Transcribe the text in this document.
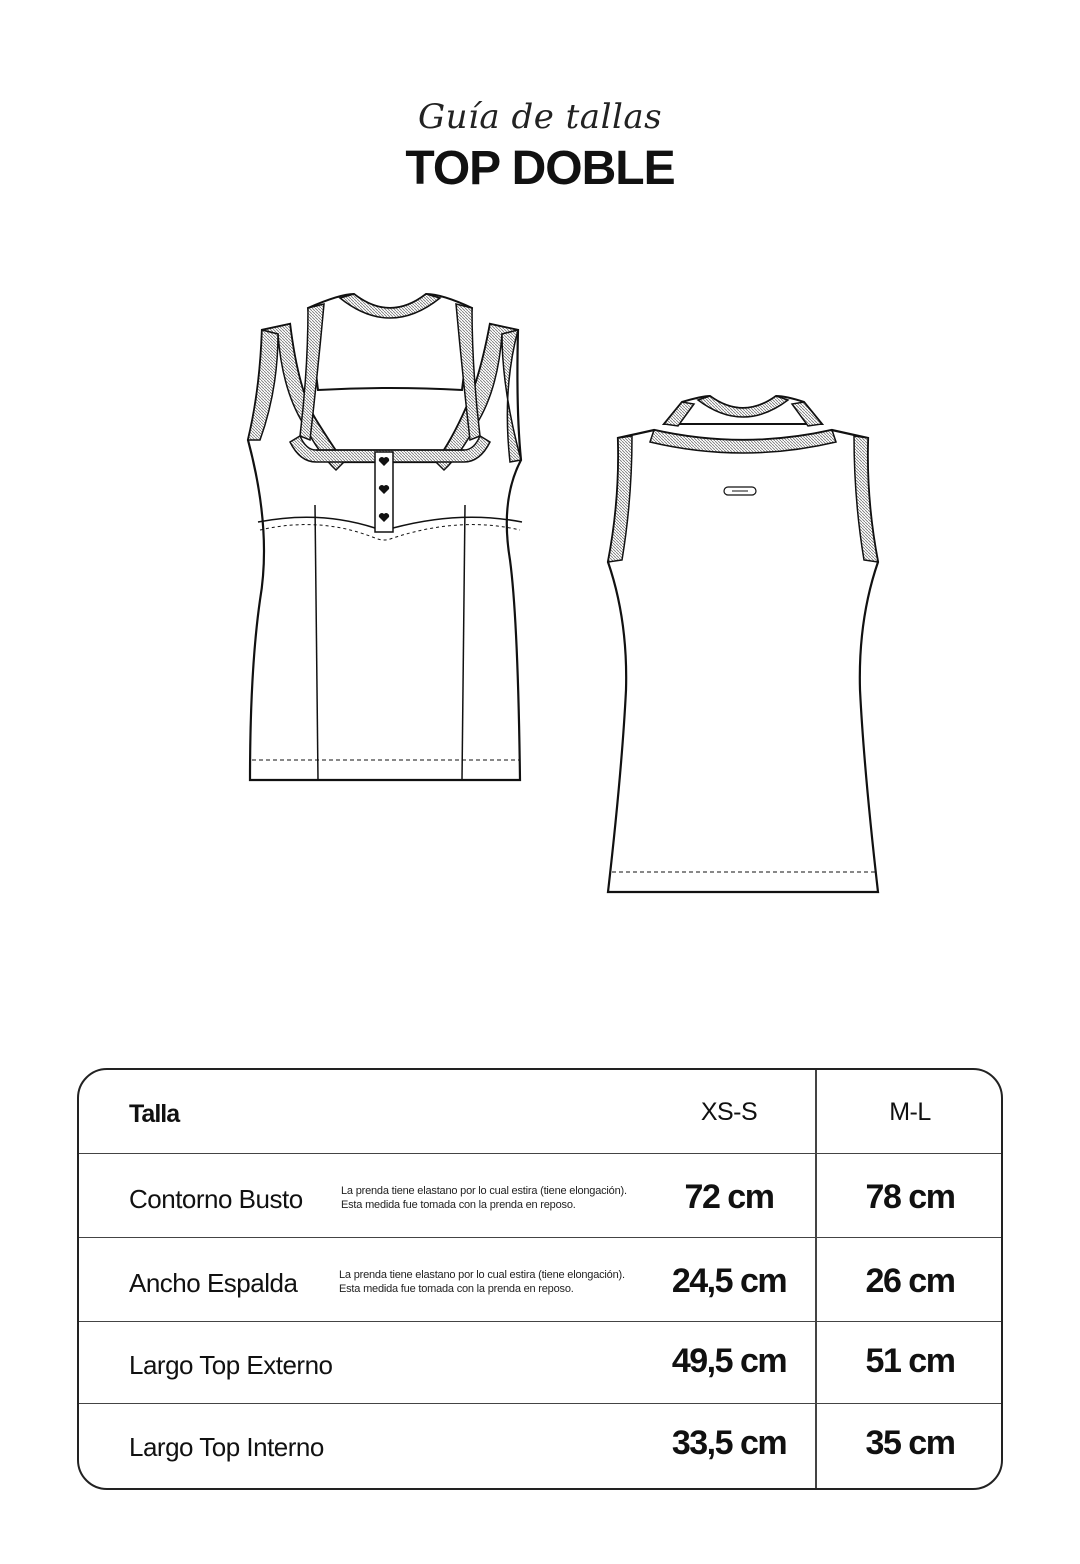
Guía de tallas
TOP DOBLE
Talla	XS-S	M-L
Contorno Busto	La prenda tiene elastano por lo cual estira (tiene elongación).
Esta medida fue tomada con la prenda en reposo.	72 cm	78 cm
Ancho Espalda	La prenda tiene elastano por lo cual estira (tiene elongación).
Esta medida fue tomada con la prenda en reposo.	24,5 cm	26 cm
Largo Top Externo	49,5 cm	51 cm
Largo Top Interno	33,5 cm	35 cm
